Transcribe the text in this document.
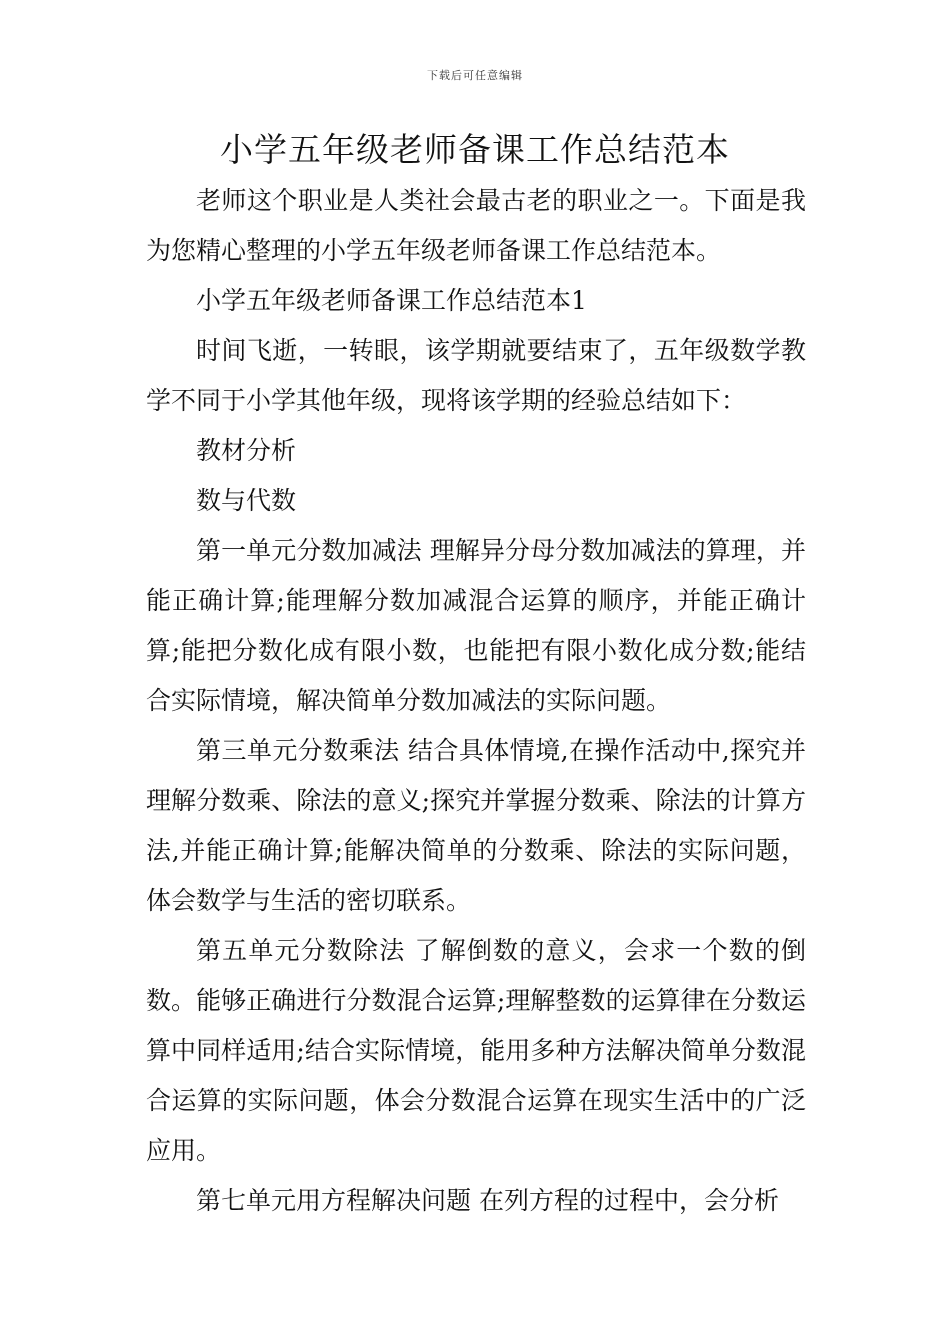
下载后可任意编辑
小学五年级老师备课工作总结范本

老师这个职业是人类社会最古老的职业之一。下面是我为您精心整理的小学五年级老师备课工作总结范本。

小学五年级老师备课工作总结范本1

时间飞逝，一转眼，该学期就要结束了，五年级数学教学不同于小学其他年级，现将该学期的经验总结如下：

教材分析

数与代数

第一单元分数加减法 理解异分母分数加减法的算理，并能正确计算;能理解分数加减混合运算的顺序，并能正确计算;能把分数化成有限小数，也能把有限小数化成分数;能结合实际情境，解决简单分数加减法的实际问题。

第三单元分数乘法 结合具体情境,在操作活动中,探究并理解分数乘、除法的意义;探究并掌握分数乘、除法的计算方法,并能正确计算;能解决简单的分数乘、除法的实际问题，体会数学与生活的密切联系。

第五单元分数除法 了解倒数的意义，会求一个数的倒数。能够正确进行分数混合运算;理解整数的运算律在分数运算中同样适用;结合实际情境，能用多种方法解决简单分数混合运算的实际问题，体会分数混合运算在现实生活中的广泛应用。

第七单元用方程解决问题 在列方程的过程中，会分析
